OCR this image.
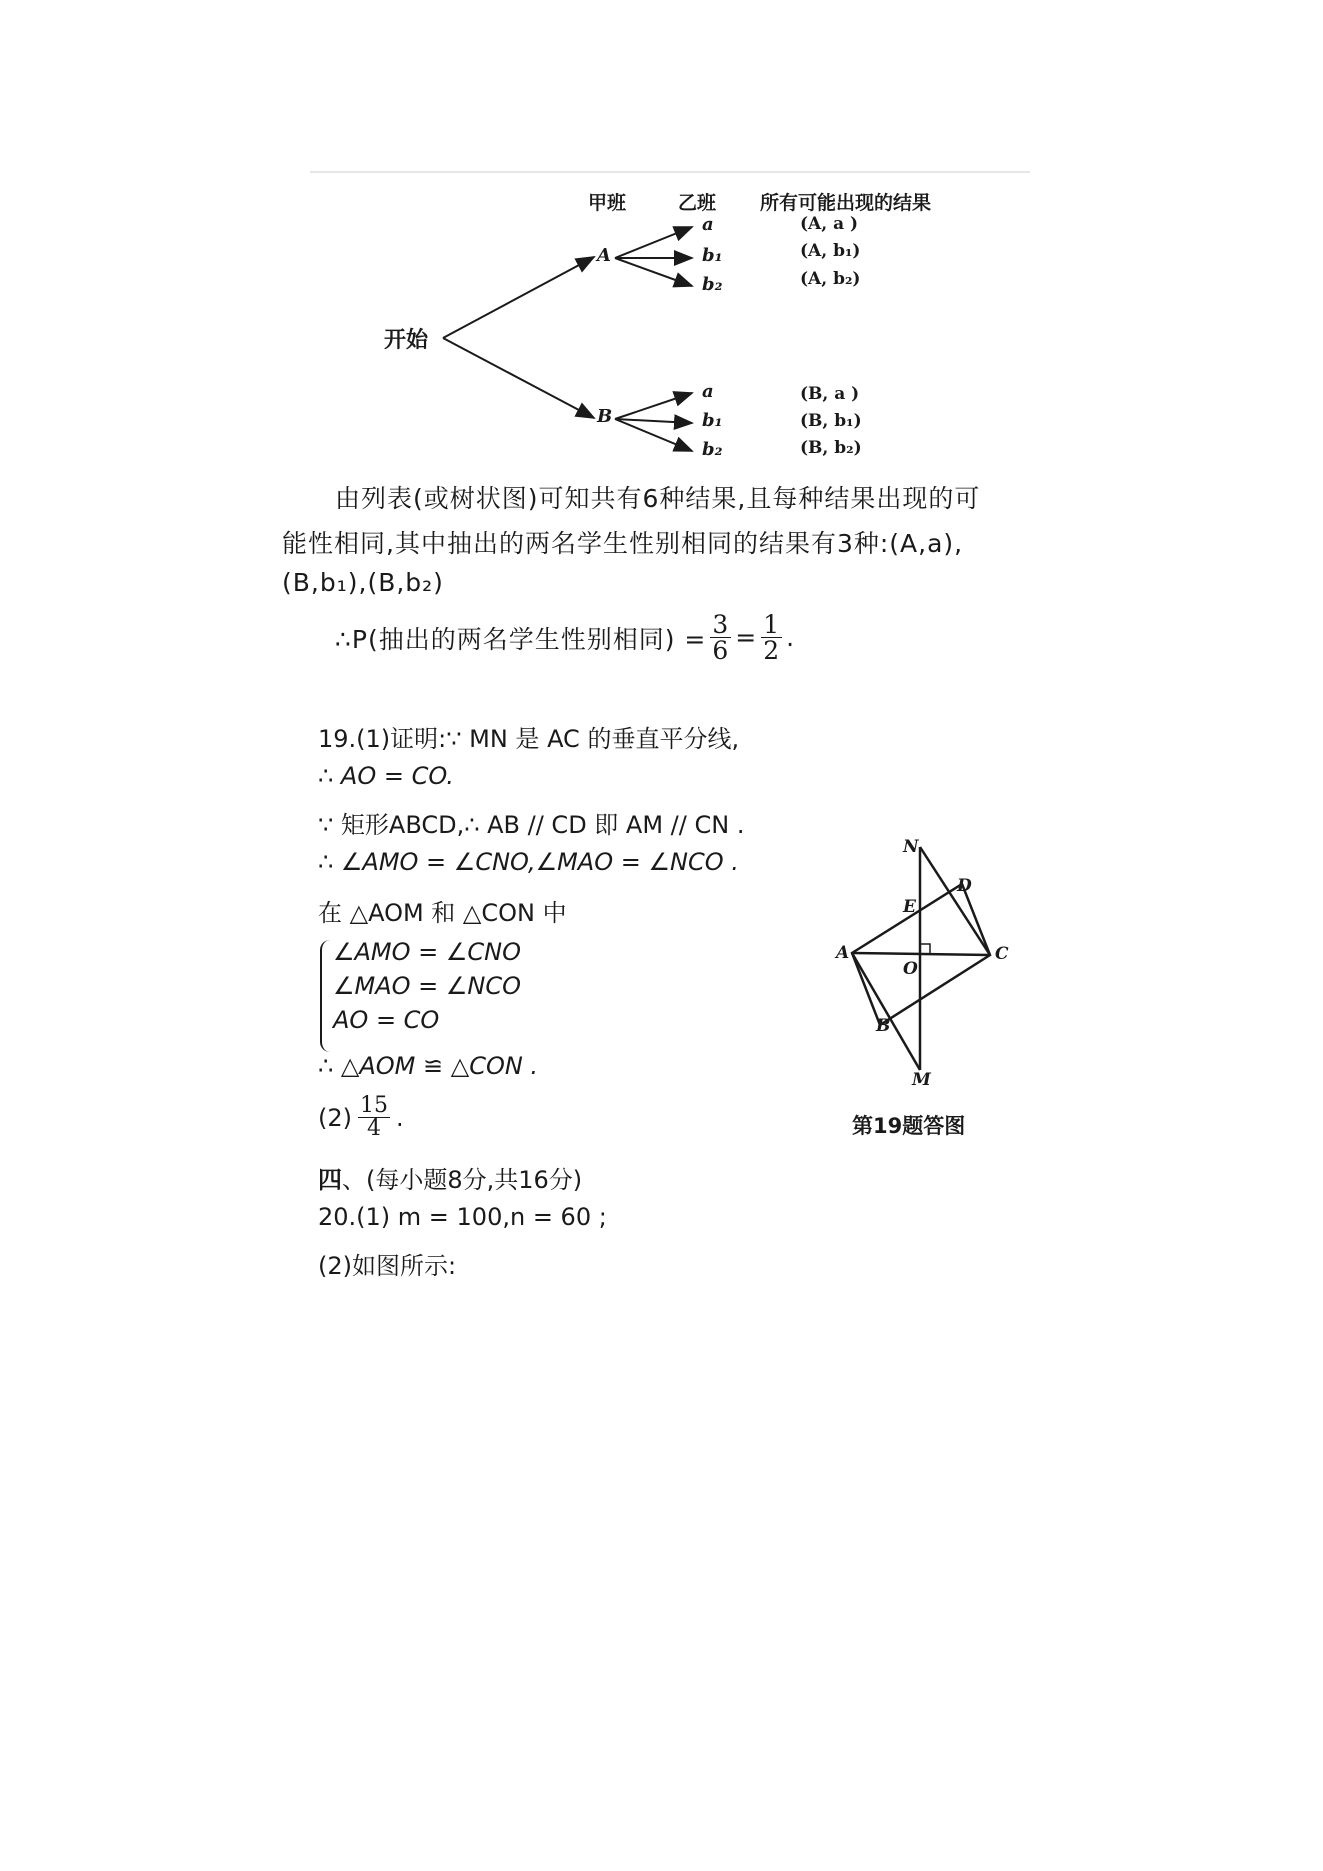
甲班	乙班 所有可能出现的结果
开始
A
B
a
b₁
b₂
a
b₁
b₂
(A, a )
(A, b₁)
(A, b₂)
(B, a )
(B, b₁)
(B, b₂)
由列表(或树状图)可知共有6种结果,且每种结果出现的可
能性相同,其中抽出的两名学生性别相同的结果有3种:(A,a),
(B,b₁),(B,b₂)
∴P(抽出的两名学生性别相同) = $\frac{3}{6} = \frac{1}{2}$ .
19.(1)证明:∵ MN 是 AC 的垂直平分线,
∴ AO = CO.
∵ 矩形ABCD,∴ AB // CD 即 AM // CN .
∴ ∠AMO = ∠CNO,∠MAO = ∠NCO .
在 △AOM 和 △CON 中
∠AMO = ∠CNO
∠MAO = ∠NCO
AO = CO
∴ △AOM ≌ △CON .
$(2) \frac{15}{4}$ .
四、(每小题8分,共16分)
20.(1) m = 100,n = 60 ;
(2)如图所示:
N
D
E
A
O
C
B
M
第19题答图
